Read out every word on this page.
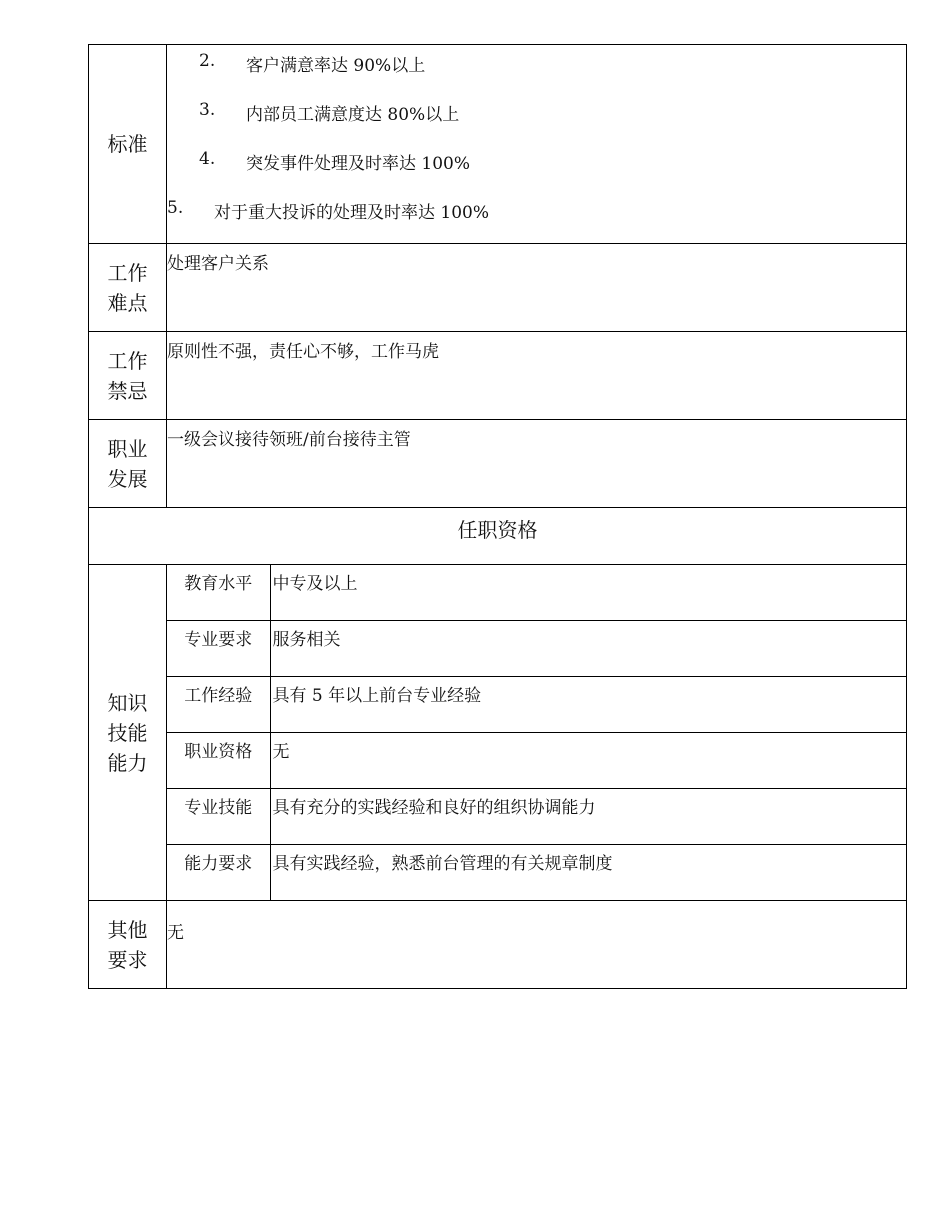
标准

2. 客户满意率达 90%以上
3. 内部员工满意度达 80%以上
4. 突发事件处理及时率达 100%
5. 对于重大投诉的处理及时率达 100%

工作
难点

处理客户关系

工作
禁忌

原则性不强，责任心不够，工作马虎

职业
发展

一级会议接待领班/前台接待主管

任职资格

知识
技能
能力

教育水平	中专及以上
专业要求	服务相关
工作经验	具有 5 年以上前台专业经验
职业资格	无
专业技能	具有充分的实践经验和良好的组织协调能力
能力要求	具有实践经验，熟悉前台管理的有关规章制度

其他
要求

无
